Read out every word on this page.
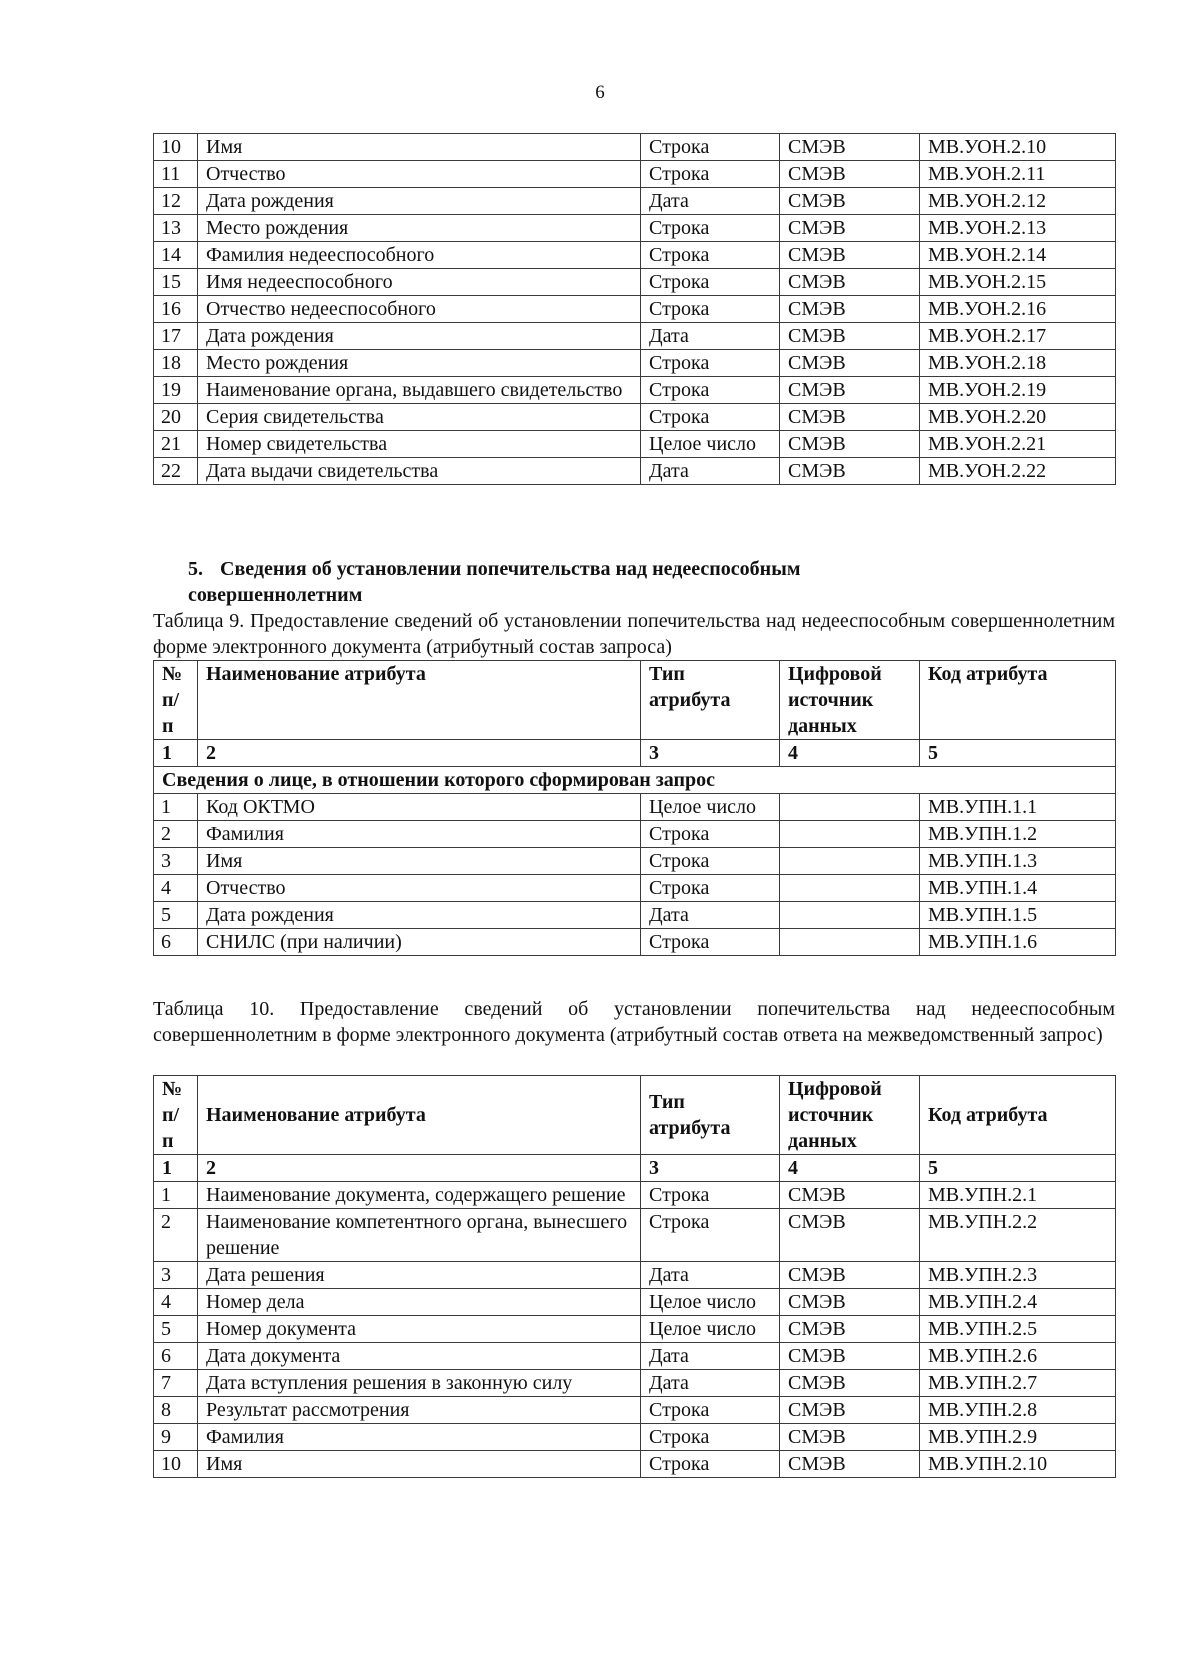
6
10	Имя	Строка	СМЭВ	МВ.УОН.2.10
11	Отчество	Строка	СМЭВ	МВ.УОН.2.11
12	Дата рождения	Дата	СМЭВ	МВ.УОН.2.12
13	Место рождения	Строка	СМЭВ	МВ.УОН.2.13
14	Фамилия недееспособного	Строка	СМЭВ	МВ.УОН.2.14
15	Имя недееспособного	Строка	СМЭВ	МВ.УОН.2.15
16	Отчество недееспособного	Строка	СМЭВ	МВ.УОН.2.16
17	Дата рождения	Дата	СМЭВ	МВ.УОН.2.17
18	Место рождения	Строка	СМЭВ	МВ.УОН.2.18
19	Наименование органа, выдавшего свидетельство	Строка	СМЭВ	МВ.УОН.2.19
20	Серия свидетельства	Строка	СМЭВ	МВ.УОН.2.20
21	Номер свидетельства	Целое число	СМЭВ	МВ.УОН.2.21
22	Дата выдачи свидетельства	Дата	СМЭВ	МВ.УОН.2.22
5. Сведения об установлении попечительства над недееспособным совершеннолетним
Таблица 9. Предоставление сведений об установлении попечительства над недееспособным совершеннолетним форме электронного документа (атрибутный состав запроса)
№ п/п	Наименование атрибута	Тип атрибута	Цифровой источник данных	Код атрибута
1	2	3	4	5
Сведения о лице, в отношении которого сформирован запрос				
1	Код ОКТМО	Целое число		МВ.УПН.1.1
2	Фамилия	Строка		МВ.УПН.1.2
3	Имя	Строка		МВ.УПН.1.3
4	Отчество	Строка		МВ.УПН.1.4
5	Дата рождения	Дата		МВ.УПН.1.5
6	СНИЛС (при наличии)	Строка		МВ.УПН.1.6
Таблица 10. Предоставление сведений об установлении попечительства над недееспособным совершеннолетним в форме электронного документа (атрибутный состав ответа на межведомственный запрос)
№ п/п	Наименование атрибута	Тип атрибута	Цифровой источник данных	Код атрибута
1	2	3	4	5
1	Наименование документа, содержащего решение	Строка	СМЭВ	МВ.УПН.2.1
2	Наименование компетентного органа, вынесшего решение	Строка	СМЭВ	МВ.УПН.2.2
3	Дата решения	Дата	СМЭВ	МВ.УПН.2.3
4	Номер дела	Целое число	СМЭВ	МВ.УПН.2.4
5	Номер документа	Целое число	СМЭВ	МВ.УПН.2.5
6	Дата документа	Дата	СМЭВ	МВ.УПН.2.6
7	Дата вступления решения в законную силу	Дата	СМЭВ	МВ.УПН.2.7
8	Результат рассмотрения	Строка	СМЭВ	МВ.УПН.2.8
9	Фамилия	Строка	СМЭВ	МВ.УПН.2.9
10	Имя	Строка	СМЭВ	МВ.УПН.2.10
